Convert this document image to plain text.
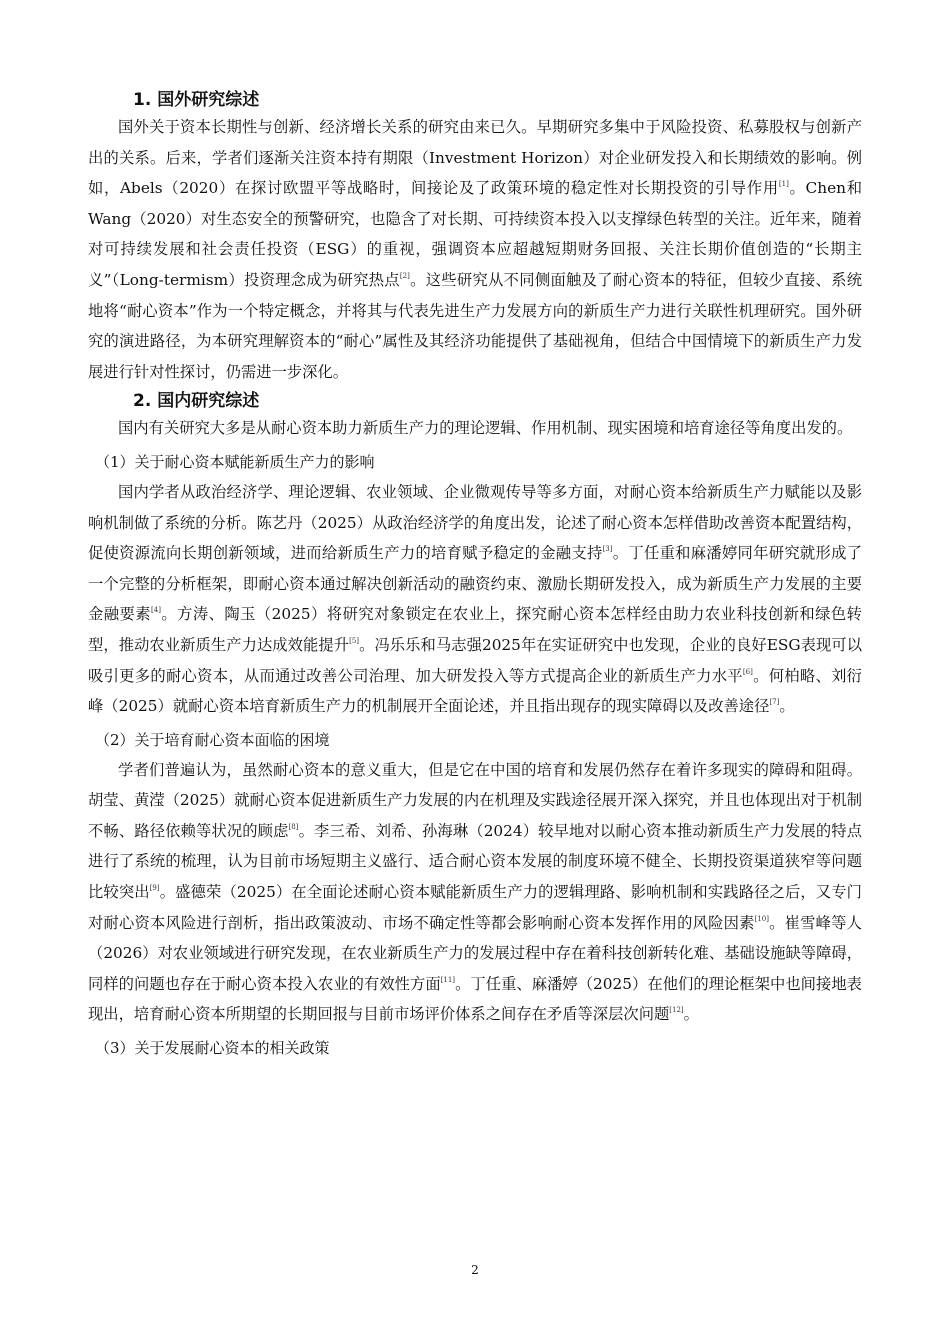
1. 国外研究综述

国外关于资本长期性与创新、经济增长关系的研究由来已久。早期研究多集中于风险投资、私募股权与创新产出的关系。后来，学者们逐渐关注资本持有期限（Investment Horizon）对企业研发投入和长期绩效的影响。例如，Abels（2020）在探讨欧盟平等战略时，间接论及了政策环境的稳定性对长期投资的引导作用[1]。Chen和Wang（2020）对生态安全的预警研究，也隐含了对长期、可持续资本投入以支撑绿色转型的关注。近年来，随着对可持续发展和社会责任投资（ESG）的重视，强调资本应超越短期财务回报、关注长期价值创造的“长期主义”（Long-termism）投资理念成为研究热点[2]。这些研究从不同侧面触及了耐心资本的特征，但较少直接、系统地将“耐心资本”作为一个特定概念，并将其与代表先进生产力发展方向的新质生产力进行关联性机理研究。国外研究的演进路径，为本研究理解资本的“耐心”属性及其经济功能提供了基础视角，但结合中国情境下的新质生产力发展进行针对性探讨，仍需进一步深化。

2. 国内研究综述

国内有关研究大多是从耐心资本助力新质生产力的理论逻辑、作用机制、现实困境和培育途径等角度出发的。

（1）关于耐心资本赋能新质生产力的影响

国内学者从政治经济学、理论逻辑、农业领域、企业微观传导等多方面，对耐心资本给新质生产力赋能以及影响机制做了系统的分析。陈艺丹（2025）从政治经济学的角度出发，论述了耐心资本怎样借助改善资本配置结构，促使资源流向长期创新领域，进而给新质生产力的培育赋予稳定的金融支持[3]。丁任重和麻潘婷同年研究就形成了一个完整的分析框架，即耐心资本通过解决创新活动的融资约束、激励长期研发投入，成为新质生产力发展的主要金融要素[4]。方涛、陶玉（2025）将研究对象锁定在农业上，探究耐心资本怎样经由助力农业科技创新和绿色转型，推动农业新质生产力达成效能提升[5]。冯乐乐和马志强2025年在实证研究中也发现，企业的良好ESG表现可以吸引更多的耐心资本，从而通过改善公司治理、加大研发投入等方式提高企业的新质生产力水平[6]。何柏略、刘衍峰（2025）就耐心资本培育新质生产力的机制展开全面论述，并且指出现存的现实障碍以及改善途径[7]。

（2）关于培育耐心资本面临的困境

学者们普遍认为，虽然耐心资本的意义重大，但是它在中国的培育和发展仍然存在着许多现实的障碍和阻碍。胡莹、黄滢（2025）就耐心资本促进新质生产力发展的内在机理及实践途径展开深入探究，并且也体现出对于机制不畅、路径依赖等状况的顾虑[8]。李三希、刘希、孙海琳（2024）较早地对以耐心资本推动新质生产力发展的特点进行了系统的梳理，认为目前市场短期主义盛行、适合耐心资本发展的制度环境不健全、长期投资渠道狭窄等问题比较突出[9]。盛德荣（2025）在全面论述耐心资本赋能新质生产力的逻辑理路、影响机制和实践路径之后，又专门对耐心资本风险进行剖析，指出政策波动、市场不确定性等都会影响耐心资本发挥作用的风险因素[10]。崔雪峰等人（2026）对农业领域进行研究发现，在农业新质生产力的发展过程中存在着科技创新转化难、基础设施缺等障碍，同样的问题也存在于耐心资本投入农业的有效性方面[11]。丁任重、麻潘婷（2025）在他们的理论框架中也间接地表现出，培育耐心资本所期望的长期回报与目前市场评价体系之间存在矛盾等深层次问题[12]。

（3）关于发展耐心资本的相关政策

2
